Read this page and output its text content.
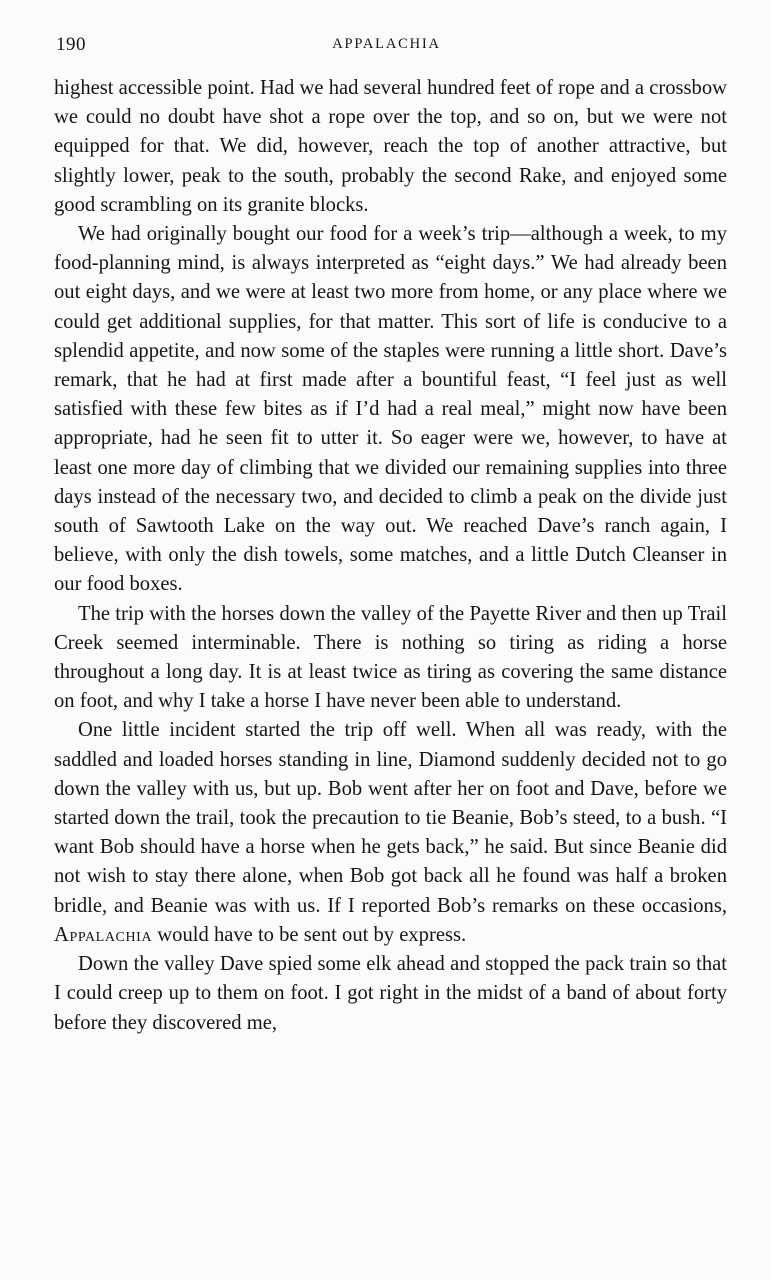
190	APPALACHIA

highest accessible point. Had we had several hundred feet of rope and a crossbow we could no doubt have shot a rope over the top, and so on, but we were not equipped for that. We did, however, reach the top of another attractive, but slightly lower, peak to the south, probably the second Rake, and enjoyed some good scrambling on its granite blocks.

We had originally bought our food for a week’s trip—although a week, to my food-planning mind, is always interpreted as “eight days.” We had already been out eight days, and we were at least two more from home, or any place where we could get additional supplies, for that matter. This sort of life is conducive to a splendid appetite, and now some of the staples were running a little short. Dave’s remark, that he had at first made after a bountiful feast, “I feel just as well satisfied with these few bites as if I’d had a real meal,” might now have been appropriate, had he seen fit to utter it. So eager were we, however, to have at least one more day of climbing that we divided our remaining supplies into three days instead of the necessary two, and decided to climb a peak on the divide just south of Sawtooth Lake on the way out. We reached Dave’s ranch again, I believe, with only the dish towels, some matches, and a little Dutch Cleanser in our food boxes.

The trip with the horses down the valley of the Payette River and then up Trail Creek seemed interminable. There is nothing so tiring as riding a horse throughout a long day. It is at least twice as tiring as covering the same distance on foot, and why I take a horse I have never been able to understand.

One little incident started the trip off well. When all was ready, with the saddled and loaded horses standing in line, Diamond suddenly decided not to go down the valley with us, but up. Bob went after her on foot and Dave, before we started down the trail, took the precaution to tie Beanie, Bob’s steed, to a bush. “I want Bob should have a horse when he gets back,” he said. But since Beanie did not wish to stay there alone, when Bob got back all he found was half a broken bridle, and Beanie was with us. If I reported Bob’s remarks on these occasions, Appalachia would have to be sent out by express.

Down the valley Dave spied some elk ahead and stopped the pack train so that I could creep up to them on foot. I got right in the midst of a band of about forty before they discovered me,
